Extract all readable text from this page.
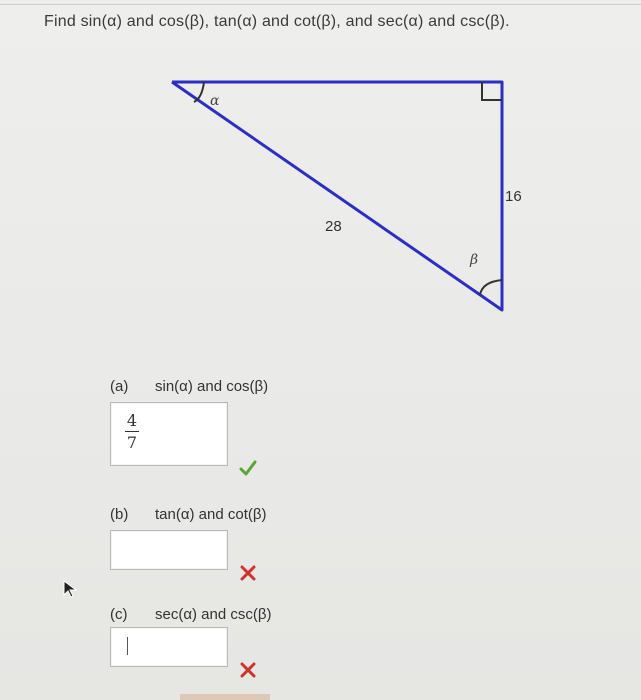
Find sin(α) and cos(β), tan(α) and cot(β), and sec(α) and csc(β).
α
β
28
16
(a) sin(α) and cos(β)
4
7
(b) tan(α) and cot(β)
(c) sec(α) and csc(β)
